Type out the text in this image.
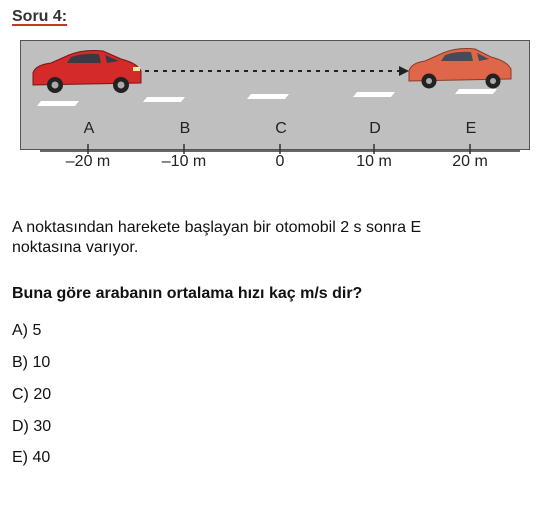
Soru 4:
A	B	C	D	E
–20 m	–10 m	0	10 m	20 m
A noktasından harekete başlayan bir otomobil 2 s sonra E
noktasına varıyor.
Buna göre arabanın ortalama hızı kaç m/s dir?
A) 5
B) 10
C) 20
D) 30
E) 40
